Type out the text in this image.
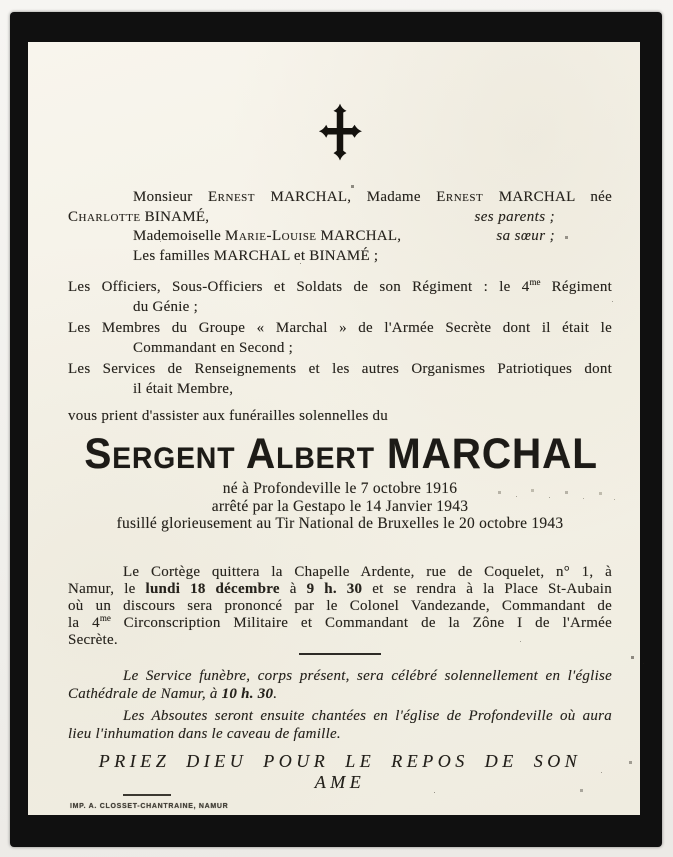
Monsieur Ernest MARCHAL, Madame Ernest MARCHAL née
Charlotte BINAMÉ,	ses parents ;
Mademoiselle Marie-Louise MARCHAL,	sa sœur ;
Les familles MARCHAL et BINAMÉ ;
Les Officiers, Sous-Officiers et Soldats de son Régiment : le $4^{me}$ Régiment
du Génie ;
Les Membres du Groupe « Marchal » de l'Armée Secrète dont il était le
Commandant en Second ;
Les Services de Renseignements et les autres Organismes Patriotiques dont
il était Membre,
vous prient d'assister aux funérailles solennelles du
Sergent Albert MARCHAL
né à Profondeville le 7 octobre 1916
arrêté par la Gestapo le 14 Janvier 1943
fusillé glorieusement au Tir National de Bruxelles le 20 octobre 1943
Le Cortège quittera la Chapelle Ardente, rue de Coquelet, n° 1, à
Namur, le lundi 18 décembre à 9 h. 30 et se rendra à la Place St-Aubain
où un discours sera prononcé par le Colonel Vandezande, Commandant de
la $4^{me}$ Circonscription Militaire et Commandant de la Zône I de l'Armée
Secrète.
Le Service funèbre, corps présent, sera célébré solennellement en l'église
Cathédrale de Namur, à 10 h. 30.
Les Absoutes seront ensuite chantées en l'église de Profondeville où aura
lieu l'inhumation dans le caveau de famille.
PRIEZ DIEU POUR LE REPOS DE SON AME
IMP. A. CLOSSET-CHANTRAINE, NAMUR
